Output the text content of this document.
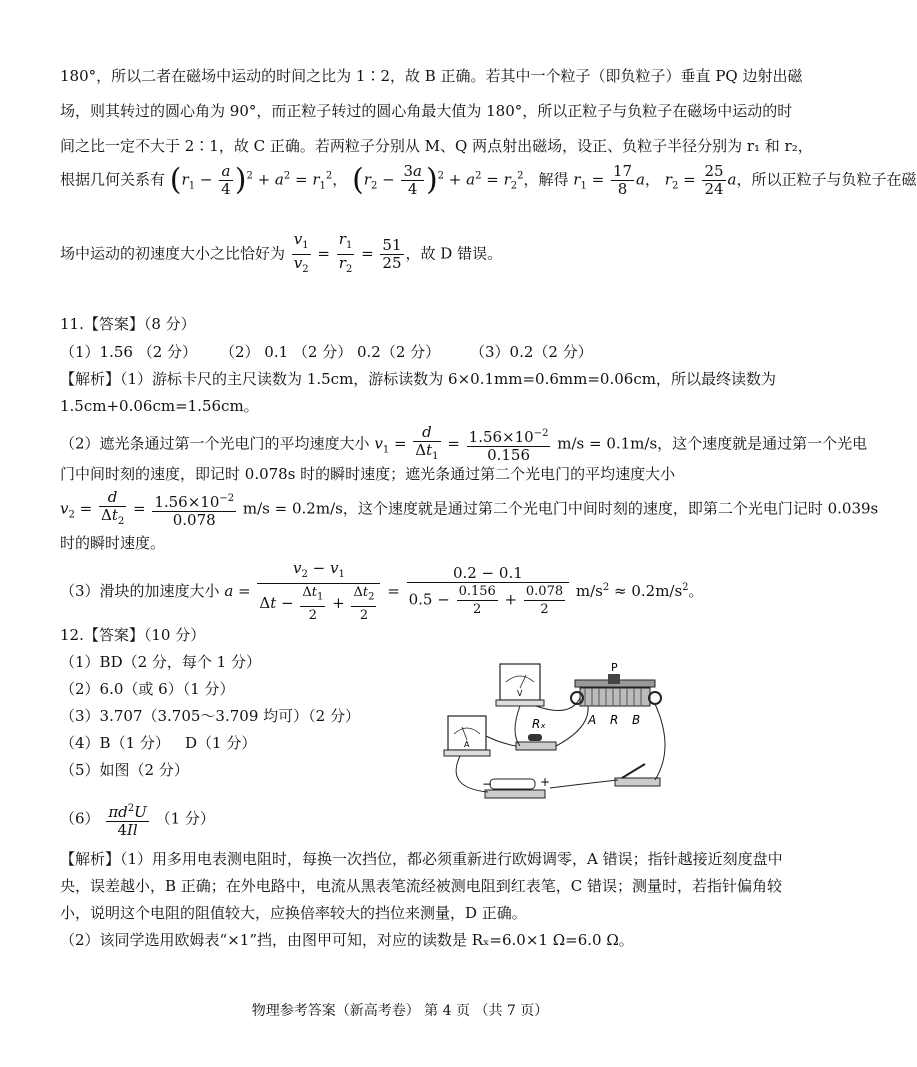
180°，所以二者在磁场中运动的时间之比为 1∶2，故 B 正确。若其中一个粒子（即负粒子）垂直 PQ 边射出磁
场，则其转过的圆心角为 90°，而正粒子转过的圆心角最大值为 180°，所以正粒子与负粒子在磁场中运动的时
间之比一定不大于 2∶1，故 C 正确。若两粒子分别从 M、Q 两点射出磁场，设正、负粒子半径分别为 r₁ 和 r₂，
根据几何关系有 $(r_1 - \frac{a}{4} )^2 + a^2 = r_1^2$， $(r_2 - \frac{3a}{4} )^2 + a^2 = r_2^2$，解得 $r_1 = \frac{17}{8}$ a， $r_2 = \frac{25}{24}$ a，所以正粒子与负粒子在磁
场中运动的初速度大小之比恰好为 $\frac{v_1}{v_2} = \frac{r_1}{r_2} = \frac{51}{25}$ ，故 D 错误。
11.【答案】（8 分）
（1）1.56 （2 分） （2） 0.1 （2 分） 0.2（2 分） （3）0.2（2 分）
【解析】（1）游标卡尺的主尺读数为 1.5cm，游标读数为 6×0.1mm=0.6mm=0.06cm，所以最终读数为
1.5cm+0.06cm=1.56cm。
（2）遮光条通过第一个光电门的平均速度大小 $v_1 = \frac{d}{\Delta t_1} = \frac{1.56\times 10^{-2}}{0.156} m/s = 0.1m/s$，这个速度就是通过第一个光电
门中间时刻的速度，即记时 0.078s 时的瞬时速度；遮光条通过第二个光电门的平均速度大小
$v_2 = \frac{d}{\Delta t_2} = \frac{1.56\times 10^{-2}}{0.078} m/s = 0.2m/s$，这个速度就是通过第二个光电门中间时刻的速度，即第二个光电门记时 0.039s
时的瞬时速度。
（3）滑块的加速度大小 $a = \frac{v_2 - v_1}{\Delta t - \frac{\Delta t_1}{2} + \frac{\Delta t_2}{2}} = \frac{0.2 - 0.1}{0.5 - \frac{0.156}{2} + \frac{0.078}{2}} m/s^2 \approx 0.2m/s^2$。
12.【答案】（10 分）
（1）BD（2 分，每个 1 分）
（2）6.0（或 6）（1 分）
（3）3.707（3.705～3.709 均可）（2 分）
（4）B（1 分） D（1 分）
（5）如图（2 分）
$(6) \frac{\pi d^2U}{4Il} (1$ 分）
V
A
P
A R B
Rₓ
−	+
【解析】（1）用多用电表测电阻时，每换一次挡位，都必须重新进行欧姆调零，A 错误；指针越接近刻度盘中
央，误差越小，B 正确；在外电路中，电流从黑表笔流经被测电阻到红表笔，C 错误；测量时，若指针偏角较
小，说明这个电阻的阻值较大，应换倍率较大的挡位来测量，D 正确。
（2）该同学选用欧姆表“×1”挡，由图甲可知，对应的读数是 Rₓ=6.0×1 Ω=6.0 Ω。
物理参考答案（新高考卷） 第 4 页 （共 7 页）
